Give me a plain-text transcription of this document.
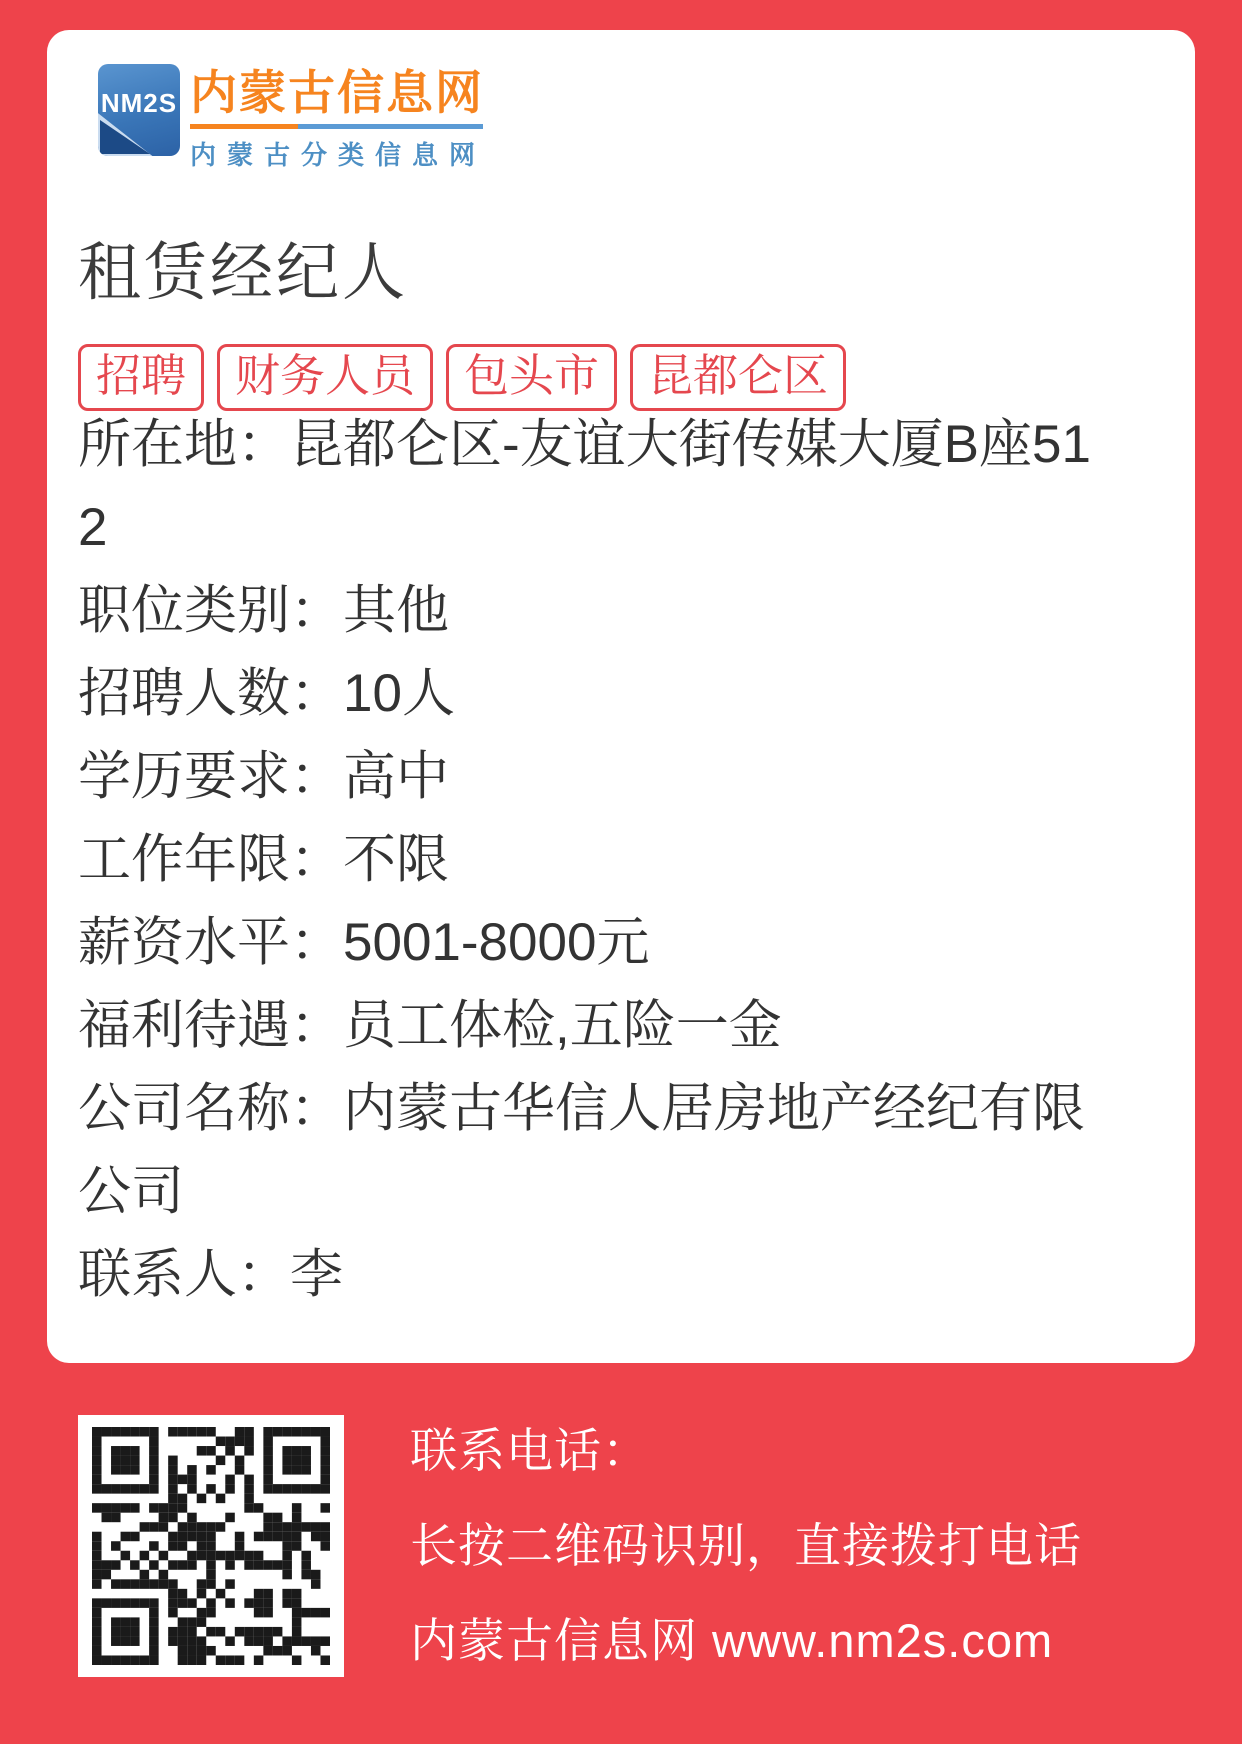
NM2S 内蒙古信息网
内蒙古分类信息网
租赁经纪人
招聘	财务人员	包头市	昆都仑区
所在地：昆都仑区-友谊大街传媒大厦B座512
职位类别：其他
招聘人数：10人
学历要求：高中
工作年限：不限
薪资水平：5001-8000元
福利待遇：员工体检,五险一金
公司名称：内蒙古华信人居房地产经纪有限公司
联系人：李
联系电话：
长按二维码识别，直接拨打电话
内蒙古信息网 www.nm2s.com
